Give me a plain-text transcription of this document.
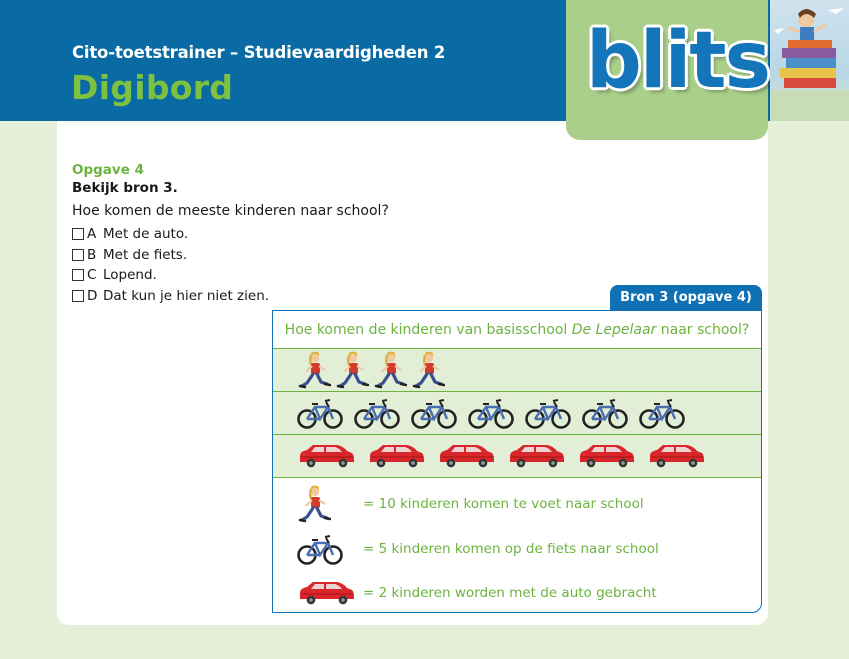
Cito-toetstrainer – Studievaardigheden 2
Digibord	blits
Opgave 4
Bekijk bron 3.
Hoe komen de meeste kinderen naar school?
A Met de auto.
B Met de fiets.
C Lopend.
D Dat kun je hier niet zien.	Bron 3 (opgave 4)
Hoe komen de kinderen van basisschool De Lepelaar naar school?
= 10 kinderen komen te voet naar school
= 5 kinderen komen op de fiets naar school
= 2 kinderen worden met de auto gebracht
